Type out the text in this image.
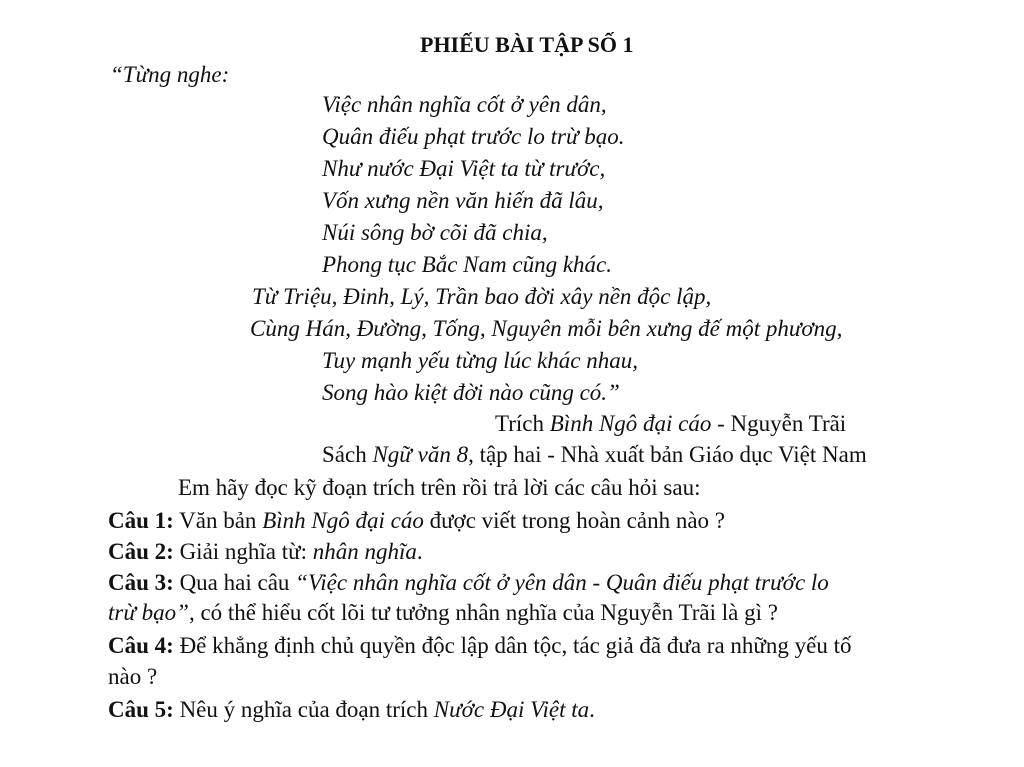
PHIẾU BÀI TẬP SỐ 1
“Từng nghe:
Việc nhân nghĩa cốt ở yên dân,
Quân điếu phạt trước lo trừ bạo.
Như nước Đại Việt ta từ trước,
Vốn xưng nền văn hiến đã lâu,
Núi sông bờ cõi đã chia,
Phong tục Bắc Nam cũng khác.
Từ Triệu, Đinh, Lý, Trần bao đời xây nền độc lập,
Cùng Hán, Đường, Tống, Nguyên mỗi bên xưng đế một phương,
Tuy mạnh yếu từng lúc khác nhau,
Song hào kiệt đời nào cũng có.”
Trích Bình Ngô đại cáo - Nguyễn Trãi
Sách Ngữ văn 8, tập hai - Nhà xuất bản Giáo dục Việt Nam
Em hãy đọc kỹ đoạn trích trên rồi trả lời các câu hỏi sau:
Câu 1: Văn bản Bình Ngô đại cáo được viết trong hoàn cảnh nào ?
Câu 2: Giải nghĩa từ: nhân nghĩa.
Câu 3: Qua hai câu “Việc nhân nghĩa cốt ở yên dân - Quân điếu phạt trước lo
trừ bạo”, có thể hiểu cốt lõi tư tưởng nhân nghĩa của Nguyễn Trãi là gì ?
Câu 4: Để khẳng định chủ quyền độc lập dân tộc, tác giả đã đưa ra những yếu tố
nào ?
Câu 5: Nêu ý nghĩa của đoạn trích Nước Đại Việt ta.
